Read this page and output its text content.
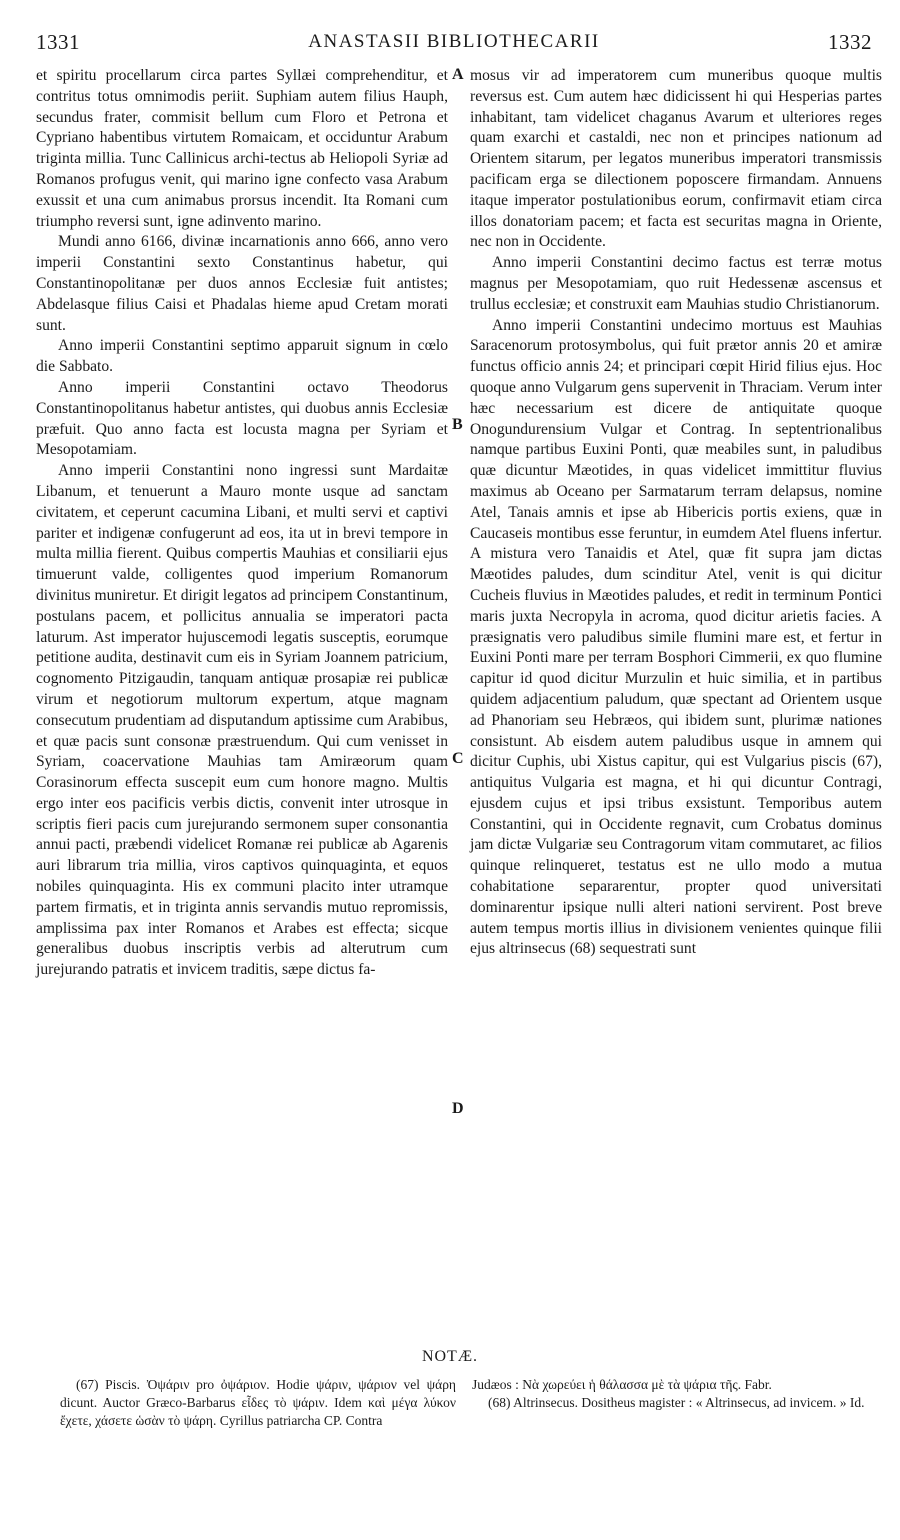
1331	ANASTASII BIBLIOTHECARII	1332

et spiritu procellarum circa partes Syllæi comprehenditur, et contritus totus omnimodis periit. Suphiam autem filius Hauph, secundus frater, commisit bellum cum Floro et Petrona et Cypriano habentibus virtutem Romaicam, et occiduntur Arabum triginta millia. Tunc Callinicus archi-tectus ab Heliopoli Syriæ ad Romanos profugus venit, qui marino igne confecto vasa Arabum exussit et una cum animabus prorsus incendit. Ita Romani cum triumpho reversi sunt, igne adinvento marino.

Mundi anno 6166, divinæ incarnationis anno 666, anno vero imperii Constantini sexto Constantinus habetur, qui Constantinopolitanæ per duos annos Ecclesiæ fuit antistes; Abdelasque filius Caisi et Phadalas hieme apud Cretam morati sunt.

Anno imperii Constantini septimo apparuit signum in cœlo die Sabbato.

Anno imperii Constantini octavo Theodorus Constantinopolitanus habetur antistes, qui duobus annis Ecclesiæ præfuit. Quo anno facta est locusta magna per Syriam et Mesopotamiam.

Anno imperii Constantini nono ingressi sunt Mardaitæ Libanum, et tenuerunt a Mauro monte usque ad sanctam civitatem, et ceperunt cacumina Libani, et multi servi et captivi pariter et indigenæ confugerunt ad eos, ita ut in brevi tempore in multa millia fierent. Quibus compertis Mauhias et consiliarii ejus timuerunt valde, colligentes quod imperium Romanorum divinitus muniretur. Et dirigit legatos ad principem Constantinum, postulans pacem, et pollicitus annualia se imperatori pacta laturum. Ast imperator hujuscemodi legatis susceptis, eorumque petitione audita, destinavit cum eis in Syriam Joannem patricium, cognomento Pitzigaudin, tanquam antiquæ prosapiæ rei publicæ virum et negotiorum multorum expertum, atque magnam consecutum prudentiam ad disputandum aptissime cum Arabibus, et quæ pacis sunt consonæ præstruendum. Qui cum venisset in Syriam, coacervatione Mauhias tam Amiræorum quam Corasinorum effecta suscepit eum cum honore magno. Multis ergo inter eos pacificis verbis dictis, convenit inter utrosque in scriptis fieri pacis cum jurejurando sermonem super consonantia annui pacti, præbendi videlicet Romanæ rei publicæ ab Agarenis auri librarum tria millia, viros captivos quinquaginta, et equos nobiles quinquaginta. His ex communi placito inter utramque partem firmatis, et in triginta annis servandis mutuo repromissis, amplissima pax inter Romanos et Arabes est effecta; sicque generalibus duobus inscriptis verbis ad alterutrum cum jurejurando patratis et invicem traditis, sæpe dictus fa-

mosus vir ad imperatorem cum muneribus quoque multis reversus est. Cum autem hæc didicissent hi qui Hesperias partes inhabitant, tam videlicet chaganus Avarum et ulteriores reges quam exarchi et castaldi, nec non et principes nationum ad Orientem sitarum, per legatos muneribus imperatori transmissis pacificam erga se dilectionem poposcere firmandam. Annuens itaque imperator postulationibus eorum, confirmavit etiam circa illos donatoriam pacem; et facta est securitas magna in Oriente, nec non in Occidente.

Anno imperii Constantini decimo factus est terræ motus magnus per Mesopotamiam, quo ruit Hedessenæ ascensus et trullus ecclesiæ; et construxit eam Mauhias studio Christianorum.

Anno imperii Constantini undecimo mortuus est Mauhias Saracenorum protosymbolus, qui fuit prætor annis 20 et amiræ functus officio annis 24; et principari cœpit Hirid filius ejus. Hoc quoque anno Vulgarum gens supervenit in Thraciam. Verum inter hæc necessarium est dicere de antiquitate quoque Onogundurensium Vulgar et Contrag. In septentrionalibus namque partibus Euxini Ponti, quæ meabiles sunt, in paludibus quæ dicuntur Mæotides, in quas videlicet immittitur fluvius maximus ab Oceano per Sarmatarum terram delapsus, nomine Atel, Tanais amnis et ipse ab Hibericis portis exiens, quæ in Caucaseis montibus esse feruntur, in eumdem Atel fluens infertur. A mistura vero Tanaidis et Atel, quæ fit supra jam dictas Mæotides paludes, dum scinditur Atel, venit is qui dicitur Cucheis fluvius in Mæotides paludes, et redit in terminum Pontici maris juxta Necropyla in acroma, quod dicitur arietis facies. A præsignatis vero paludibus simile flumini mare est, et fertur in Euxini Ponti mare per terram Bosphori Cimmerii, ex quo flumine capitur id quod dicitur Murzulin et huic similia, et in partibus quidem adjacentium paludum, quæ spectant ad Orientem usque ad Phanoriam seu Hebræos, qui ibidem sunt, plurimæ nationes consistunt. Ab eisdem autem paludibus usque in amnem qui dicitur Cuphis, ubi Xistus capitur, qui est Vulgarius piscis (67), antiquitus Vulgaria est magna, et hi qui dicuntur Contragi, ejusdem cujus et ipsi tribus exsistunt. Temporibus autem Constantini, qui in Occidente regnavit, cum Crobatus dominus jam dictæ Vulgariæ seu Contragorum vitam commutaret, ac filios quinque relinqueret, testatus est ne ullo modo a mutua cohabitatione separarentur, propter quod universitati dominarentur ipsique nulli alteri nationi servirent. Post breve autem tempus mortis illius in divisionem venientes quinque filii ejus altrinsecus (68) sequestrati sunt

A
B
C
D
NOTÆ.

(67) Piscis. Ὀψάριν pro ὀψάριον. Hodie ψάριν, ψάριον vel ψάρη dicunt. Auctor Græco-Barbarus εἶδες τὸ ψάριν. Idem καὶ μέγα λύκον ἔχετε, χάσετε ὡσὰν τὸ ψάρη. Cyrillus patriarcha CP. Contra

Judæos : Νὰ χωρεύει ἡ θάλασσα μὲ τὰ ψάρια τῆς. Fabr.

(68) Altrinsecus. Dositheus magister : « Altrinsecus, ad invicem. » Id.
